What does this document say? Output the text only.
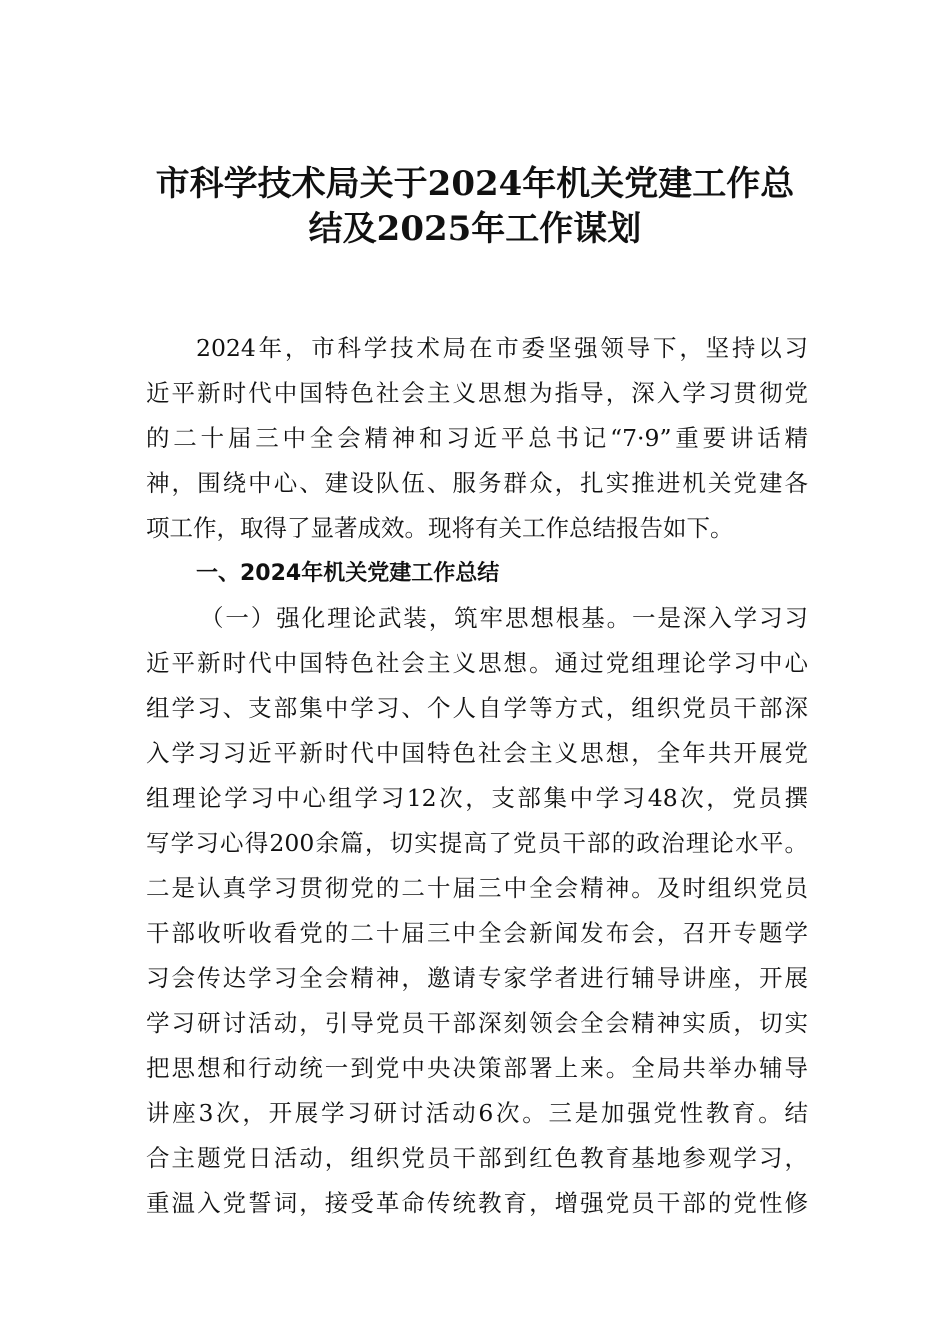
市科学技术局关于2024年机关党建工作总
结及2025年工作谋划

2024年，市科学技术局在市委坚强领导下，坚持以习

近平新时代中国特色社会主义思想为指导，深入学习贯彻党

的二十届三中全会精神和习近平总书记“7·9”重要讲话精

神，围绕中心、建设队伍、服务群众，扎实推进机关党建各

项工作，取得了显著成效。现将有关工作总结报告如下。

一、2024年机关党建工作总结

（一）强化理论武装，筑牢思想根基。一是深入学习习

近平新时代中国特色社会主义思想。通过党组理论学习中心

组学习、支部集中学习、个人自学等方式，组织党员干部深

入学习习近平新时代中国特色社会主义思想，全年共开展党

组理论学习中心组学习12次，支部集中学习48次，党员撰

写学习心得200余篇，切实提高了党员干部的政治理论水平。

二是认真学习贯彻党的二十届三中全会精神。及时组织党员

干部收听收看党的二十届三中全会新闻发布会，召开专题学

习会传达学习全会精神，邀请专家学者进行辅导讲座，开展

学习研讨活动，引导党员干部深刻领会全会精神实质，切实

把思想和行动统一到党中央决策部署上来。全局共举办辅导

讲座3次，开展学习研讨活动6次。三是加强党性教育。结

合主题党日活动，组织党员干部到红色教育基地参观学习，

重温入党誓词，接受革命传统教育，增强党员干部的党性修
